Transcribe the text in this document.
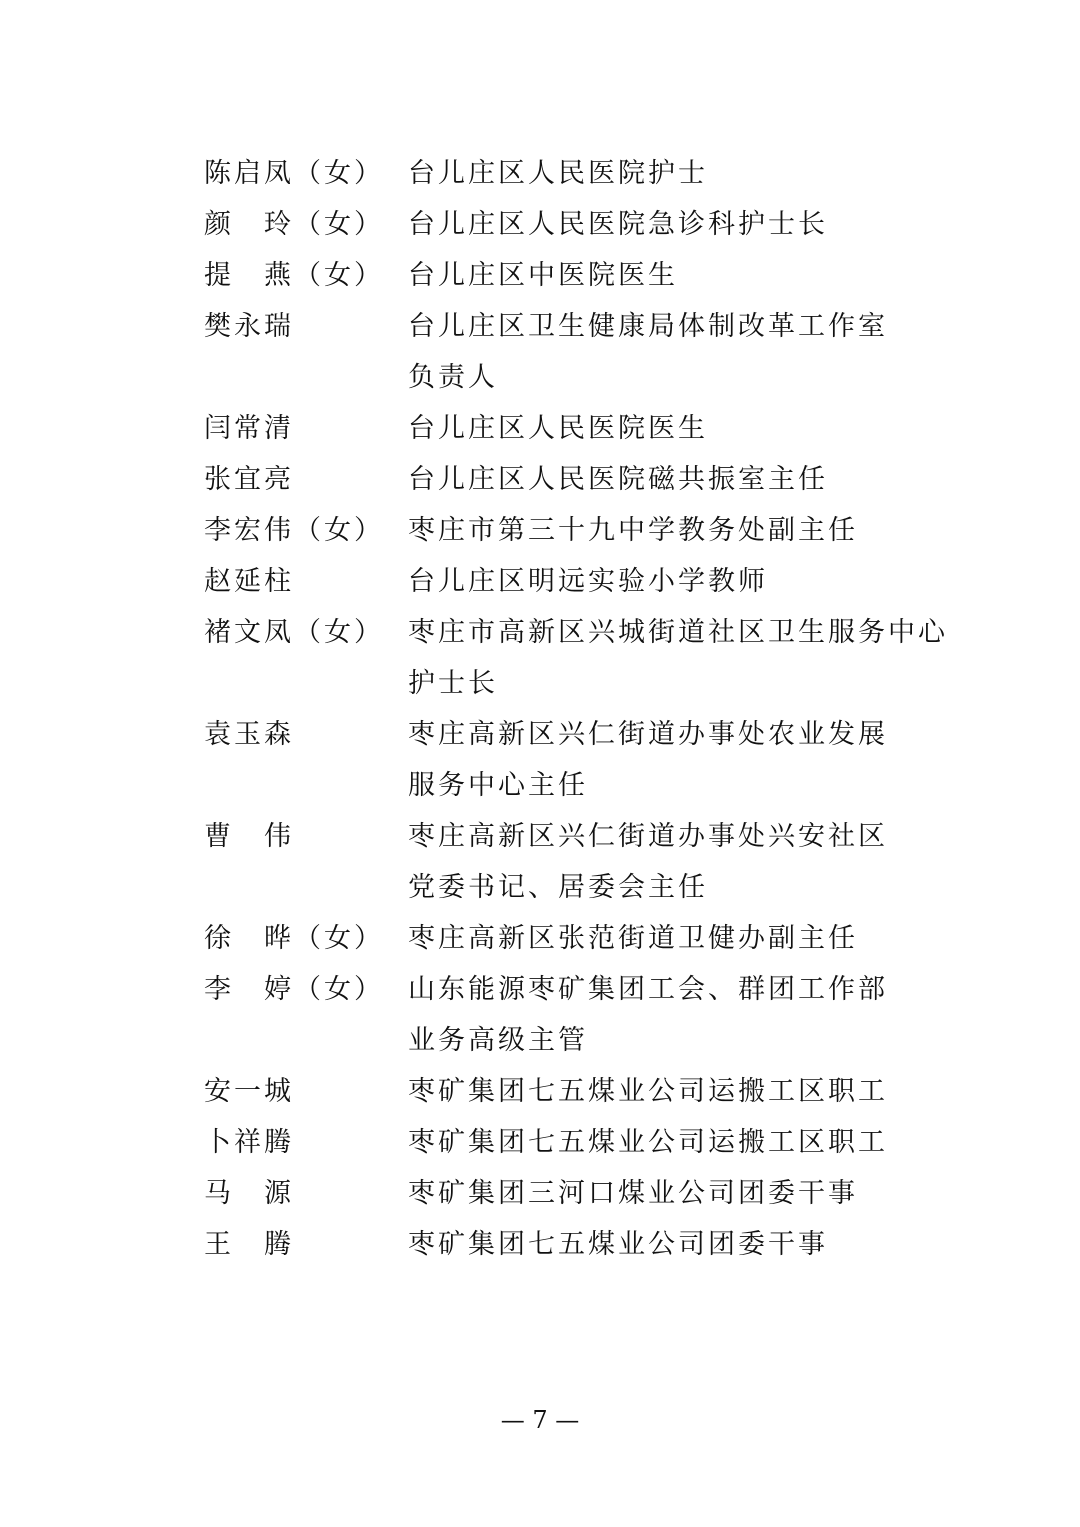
陈启凤（女） 台儿庄区人民医院护士
颜　玲（女） 台儿庄区人民医院急诊科护士长
提　燕（女） 台儿庄区中医院医生
樊永瑞	台儿庄区卫生健康局体制改革工作室
负责人
闫常清	台儿庄区人民医院医生
张宜亮	台儿庄区人民医院磁共振室主任
李宏伟（女） 枣庄市第三十九中学教务处副主任
赵延柱	台儿庄区明远实验小学教师
褚文凤（女） 枣庄市高新区兴城街道社区卫生服务中心
护士长
袁玉森	枣庄高新区兴仁街道办事处农业发展
服务中心主任
曹　伟	枣庄高新区兴仁街道办事处兴安社区
党委书记、居委会主任
徐　晔（女） 枣庄高新区张范街道卫健办副主任
李　婷（女） 山东能源枣矿集团工会、群团工作部
业务高级主管
安一城	枣矿集团七五煤业公司运搬工区职工
卜祥腾	枣矿集团七五煤业公司运搬工区职工
马　源	枣矿集团三河口煤业公司团委干事
王　腾	枣矿集团七五煤业公司团委干事
— 7 —
